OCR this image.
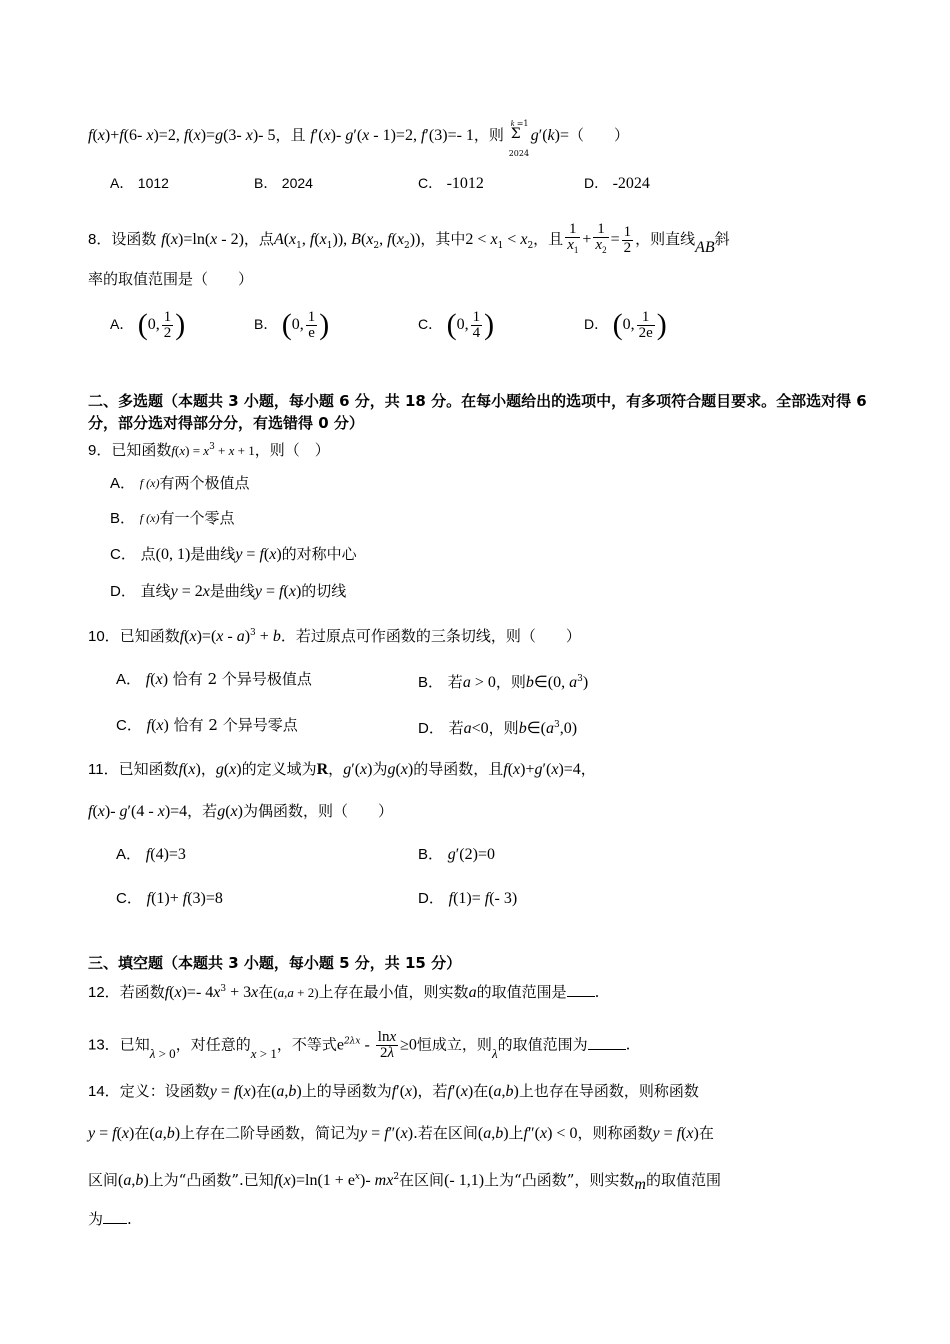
f(x)+f(6- x)=2, f(x)=g(3- x)- 5，且 f′(x)- g′(x - 1)=2, f′(3)=- 1，则
k =1
Σ
2024
g′(k)=（　　）
A． 1012	B． 2024	C． -1012	D． -2024
8．设函数 f(x)=ln(x - 2)，点$A(x_1$, $f(x_1)$), $B(x_2$, $f(x_2)$)，其中$2 < x_1 < x_2$，且 $\frac{1}{x_1} + \frac{1}{x_2} = \frac{1}{2}$ ，则直线AB斜
率的取值范围是（　　）
A． (0, $\frac{1}{2}$ )	B． (0, $\frac{1}{e}$ )	C． (0, $\frac{1}{4}$ )	D． (0, $\frac{1}{2e}$ )
二、多选题（本题共 3 小题，每小题 6 分，共 18 分。在每小题给出的选项中，有多项符合题目要求。全部选对得 6 分，部分选对得部分分，有选错得 0 分）
9．已知函数$f(x) = x^3 + x + 1$，则（　）
A． $^{f (x)}$有两个极值点
B． $^{f (x)}$有一个零点
C． 点(0, 1)是曲线y = f(x)的对称中心
D． 直线y = 2x是曲线y = f(x)的切线
10．已知函数f(x)=(x - a)$^3$ + b．若过原点可作函数的三条切线，则（　　）
A． f(x) 恰有 2 个异号极值点	B． 若a > 0，则b∈(0, $a^3$)
C． f(x) 恰有 2 个异号零点	D． 若a<0，则$b\in(a^3,0)$
11．已知函数f(x)，g(x)的定义域为R，g′(x)为g(x)的导函数，且f(x)+g′(x)=4，
f(x)- g′(4 - x)=4，若g(x)为偶函数，则（　　）
A． f(4)=3	B． g′(2)=0
C． f(1)+ f(3)=8	D． f(1)= f(- 3)
三、填空题（本题共 3 小题，每小题 5 分，共 15 分）
12．若函数f(x)=- $4x^3 + 3x$在(a,a + 2)上存在最小值，则实数a的取值范围是 .
13．已知λ > 0，对任意的x > 1，不等式$e^{2\lambda x} - \frac{\ln x}{2\lambda} \ge 0$恒成立，则λ的取值范围为	.
14．定义：设函数y = f(x)在(a,b)上的导函数为f′(x)，若f′(x)在(a,b)上也存在导函数，则称函数
y = f(x)在(a,b)上存在二阶导函数，简记为y = f″(x).若在区间(a,b)上f″(x) < 0，则称函数y = f(x)在
区间(a,b)上为“凸函数”.已知$f(x)=\ln(1 + e^x)-$ $mx^2$在区间(- 1,1)上为“凸函数”，则实数m的取值范围
为 .
